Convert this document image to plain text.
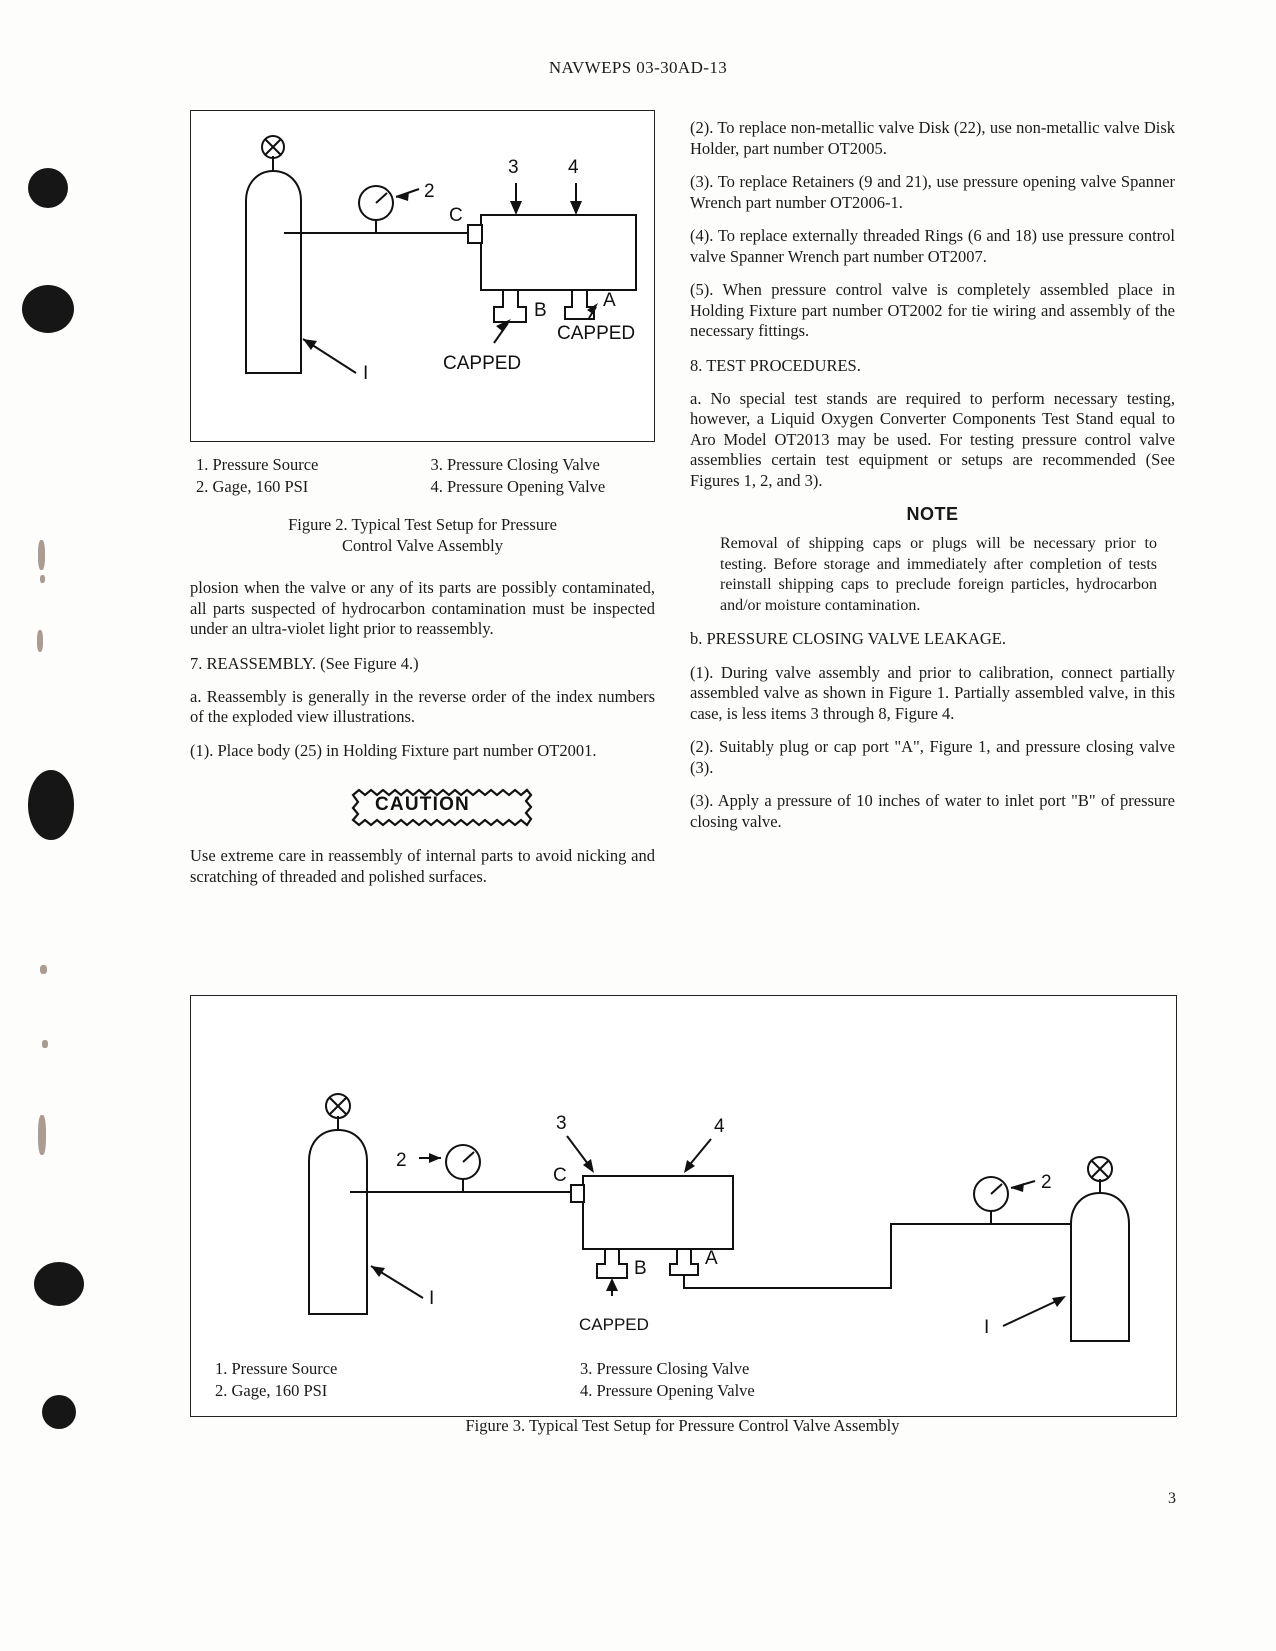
NAVWEPS 03-30AD-13
I
2
C
B	A
3	4
CAPPED
CAPPED
1. Pressure Source	3. Pressure Closing Valve
2. Gage, 160 PSI	4. Pressure Opening Valve
Figure 2. Typical Test Setup for Pressure
Control Valve Assembly

plosion when the valve or any of its parts are possibly contaminated, all parts suspected of hydrocarbon contamination must be inspected under an ultra-violet light prior to reassembly.

7. REASSEMBLY. (See Figure 4.)

a. Reassembly is generally in the reverse order of the index numbers of the exploded view illustrations.

(1). Place body (25) in Holding Fixture part number OT2001.

CAUTION

Use extreme care in reassembly of internal parts to avoid nicking and scratching of threaded and polished surfaces.

(2). To replace non-metallic valve Disk (22), use non-metallic valve Disk Holder, part number OT2005.

(3). To replace Retainers (9 and 21), use pressure opening valve Spanner Wrench part number OT2006-1.

(4). To replace externally threaded Rings (6 and 18) use pressure control valve Spanner Wrench part number OT2007.

(5). When pressure control valve is completely assembled place in Holding Fixture part number OT2002 for tie wiring and assembly of the necessary fittings.

8. TEST PROCEDURES.

a. No special test stands are required to perform necessary testing, however, a Liquid Oxygen Converter Components Test Stand equal to Aro Model OT2013 may be used. For testing pressure control valve assemblies certain test equipment or setups are recommended (See Figures 1, 2, and 3).

NOTE

Removal of shipping caps or plugs will be necessary prior to testing. Before storage and immediately after completion of tests reinstall shipping caps to preclude foreign particles, hydrocarbon and/or moisture contamination.

b. PRESSURE CLOSING VALVE LEAKAGE.

(1). During valve assembly and prior to calibration, connect partially assembled valve as shown in Figure 1. Partially assembled valve, in this case, is less items 3 through 8, Figure 4.

(2). Suitably plug or cap port "A", Figure 1, and pressure closing valve (3).

(3). Apply a pressure of 10 inches of water to inlet port "B" of pressure closing valve.

I
2
C
B	A
3	4
CAPPED
2
I
1. Pressure Source	3. Pressure Closing Valve
2. Gage, 160 PSI	4. Pressure Opening Valve
Figure 3. Typical Test Setup for Pressure Control Valve Assembly
3
